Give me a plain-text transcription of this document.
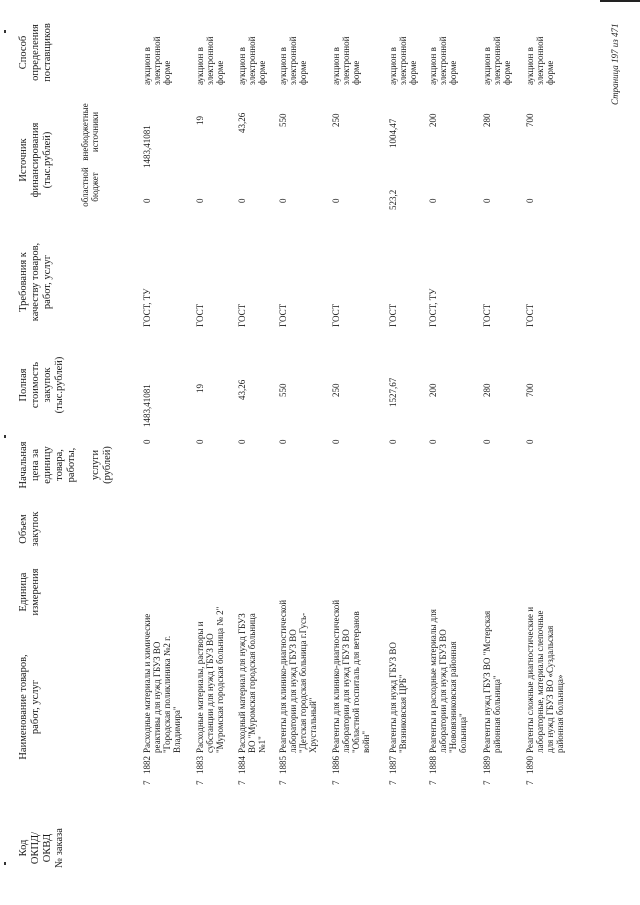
Код
ОКПД/
ОКВД
№ заказа
Наименование товаров,
работ, услуг
Единица
измерения
Объем
закупок
Начальная
цена за
единицу
товара,
работы,

услуги
(рублей)
Полная
стоимость
закупок
(тыс.рублей)
Требования к
качеству товаров,
работ, услуг
Источник
финансирования
(тыс.рублей)	областной
бюджет
внебюджетные
источники
Способ
определения
поставщиков
7
1882
Расходные материалы и химические
реактивы для нужд ГБУЗ ВО
"Городская поликлиника №2 г.
Владимира"
0
1483,41081
ГОСТ, ТУ
0
1483,41081
аукцион в
электронной
форме
7
1883
Расходные материалы, растворы и
субстанции для нужд ГБУЗ ВО
"Муромская городская больница № 2"
0
19
ГОСТ
0
19
аукцион в
электронной
форме
7
1884
Расходный материал для нужд ГБУЗ
ВО "Муромская городская больница
№1"
0
43,26
ГОСТ
0
43,26
аукцион в
электронной
форме
7
1885
Реагенты для клинико-диагностической
лаборатории для нужд ГБУЗ ВО
"Детская городская больница г.Гусь-
Хрустальный"
0
550
ГОСТ
0
550
аукцион в
электронной
форме
7
1886
Реагенты для клинико-диагностической
лаборатории для нужд ГБУЗ ВО
"Областной госпиталь для ветеранов
войн"
0
250
ГОСТ
0
250
аукцион в
электронной
форме
7
1887
Реагенты для нужд ГБУЗ ВО
"Вязниковская ЦРБ"
0
1527,67
ГОСТ
523,2
1004,47
аукцион в
электронной
форме
7
1888
Реагенты и расходные материалы для
лаборатории для нужд ГБУЗ ВО
"Нововязниковская районная
больница"
0
200
ГОСТ, ТУ
0
200
аукцион в
электронной
форме
7
1889
Реагенты нужд ГБУЗ ВО "Мстерская
районная больница"
0
280
ГОСТ
0
280
аукцион в
электронной
форме
7
1890
Реагенты сложные диагностические и
лабораторные, материалы слепочные
для нужд ГБУЗ ВО «Суздальская
районная больница»
0
700
ГОСТ
0
700
аукцион в
электронной
форме	Страница 197 из 471
